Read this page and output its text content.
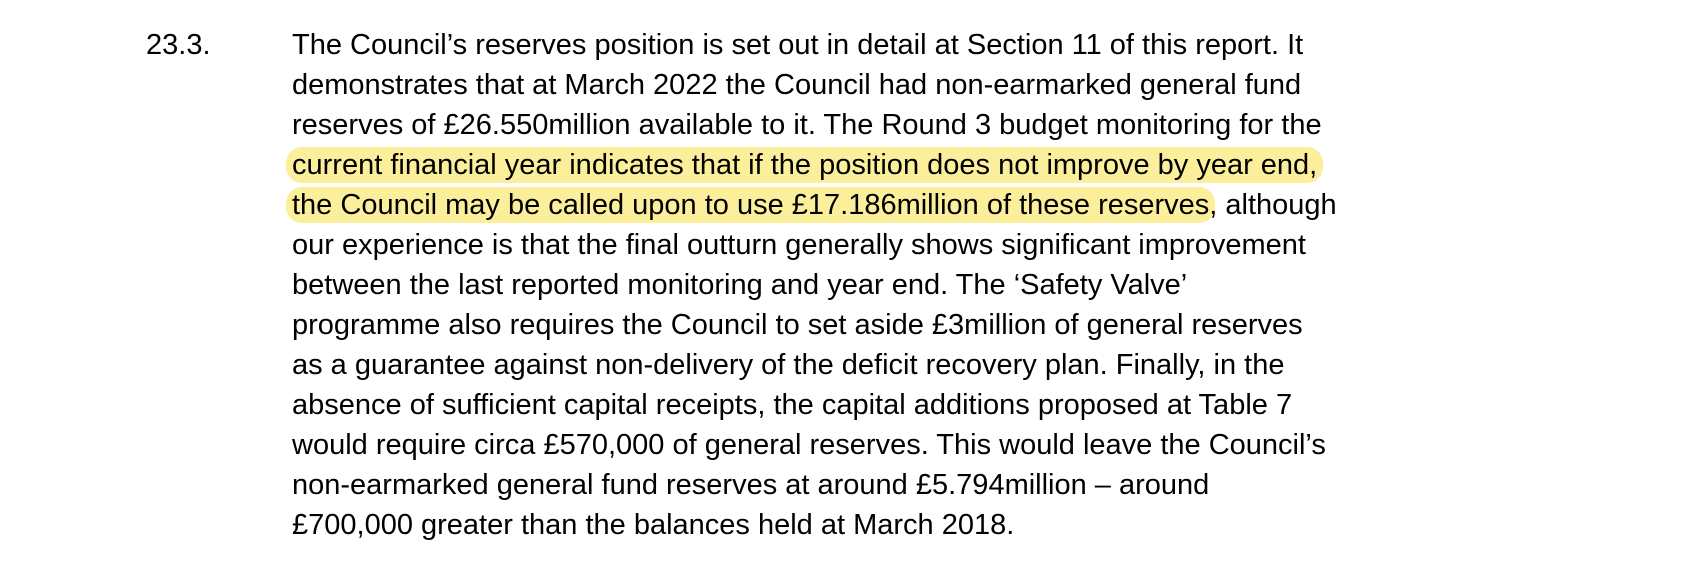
23.3.	The Council’s reserves position is set out in detail at Section 11 of this report. It
demonstrates that at March 2022 the Council had non-earmarked general fund
reserves of £26.550million available to it. The Round 3 budget monitoring for the
current financial year indicates that if the position does not improve by year end,
the Council may be called upon to use £17.186million of these reserves, although
our experience is that the final outturn generally shows significant improvement
between the last reported monitoring and year end. The ‘Safety Valve’
programme also requires the Council to set aside £3million of general reserves
as a guarantee against non-delivery of the deficit recovery plan. Finally, in the
absence of sufficient capital receipts, the capital additions proposed at Table 7
would require circa £570,000 of general reserves. This would leave the Council’s
non-earmarked general fund reserves at around £5.794million – around
£700,000 greater than the balances held at March 2018.
